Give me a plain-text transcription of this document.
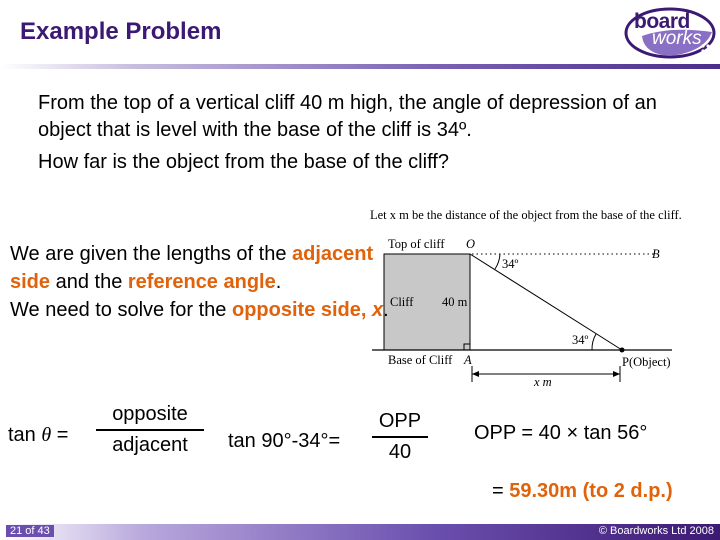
Example Problem	board
works

From the top of a vertical cliff 40 m high, the angle of depression of an object that is level with the base of the cliff is 34º.

How far is the object from the base of the cliff?

Let x m be the distance of the object from the base of the cliff.
Top of cliff O
B
34º
Cliff 40 m
34º
Base of Cliff A	P(Object)
x m

We are given the lengths of the adjacent side and the reference angle.

We need to solve for the opposite side, x.

tan θ =
opposite
adjacent	tan 90°-34°=
OPP
40
OPP = 40 × tan 56°
= 59.30m (to 2 d.p.)
21 of 43	© Boardworks Ltd 2008
